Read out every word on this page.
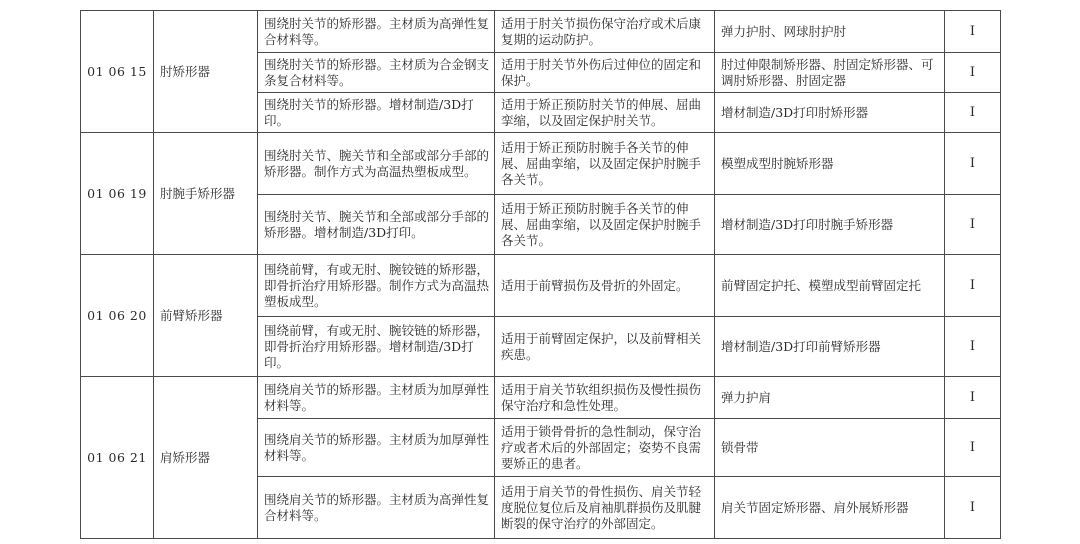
01 06 15	肘矫形器	围绕肘关节的矫形器。主材质为高弹性复合材料等。	适用于肘关节损伤保守治疗或术后康复期的运动防护。	弹力护肘、网球肘护肘	I
		围绕肘关节的矫形器。主材质为合金钢支条复合材料等。	适用于肘关节外伤后过伸位的固定和保护。	肘过伸限制矫形器、肘固定矫形器、可调肘矫形器、肘固定器	I
		围绕肘关节的矫形器。增材制造/3D打印。	适用于矫正预防肘关节的伸展、屈曲挛缩，以及固定保护肘关节。	增材制造/3D打印肘矫形器	I
01 06 19	肘腕手矫形器	围绕肘关节、腕关节和全部或部分手部的矫形器。制作方式为高温热塑板成型。	适用于矫正预防肘腕手各关节的伸展、屈曲挛缩，以及固定保护肘腕手各关节。	模塑成型肘腕矫形器	I
		围绕肘关节、腕关节和全部或部分手部的矫形器。增材制造/3D打印。	适用于矫正预防肘腕手各关节的伸展、屈曲挛缩，以及固定保护肘腕手各关节。	增材制造/3D打印肘腕手矫形器	I
01 06 20	前臂矫形器	围绕前臂，有或无肘、腕铰链的矫形器，即骨折治疗用矫形器。制作方式为高温热塑板成型。	适用于前臂损伤及骨折的外固定。	前臂固定护托、模塑成型前臂固定托	I
		围绕前臂，有或无肘、腕铰链的矫形器，即骨折治疗用矫形器。增材制造/3D打印。	适用于前臂固定保护，以及前臂相关疾患。	增材制造/3D打印前臂矫形器	I
01 06 21	肩矫形器	围绕肩关节的矫形器。主材质为加厚弹性材料等。	适用于肩关节软组织损伤及慢性损伤保守治疗和急性处理。	弹力护肩	I
		围绕肩关节的矫形器。主材质为加厚弹性材料等。	适用于锁骨骨折的急性制动，保守治疗或者术后的外部固定；姿势不良需要矫正的患者。	锁骨带	I
		围绕肩关节的矫形器。主材质为高弹性复合材料等。	适用于肩关节的骨性损伤、肩关节轻度脱位复位后及肩袖肌群损伤及肌腱断裂的保守治疗的外部固定。	肩关节固定矫形器、肩外展矫形器	I
